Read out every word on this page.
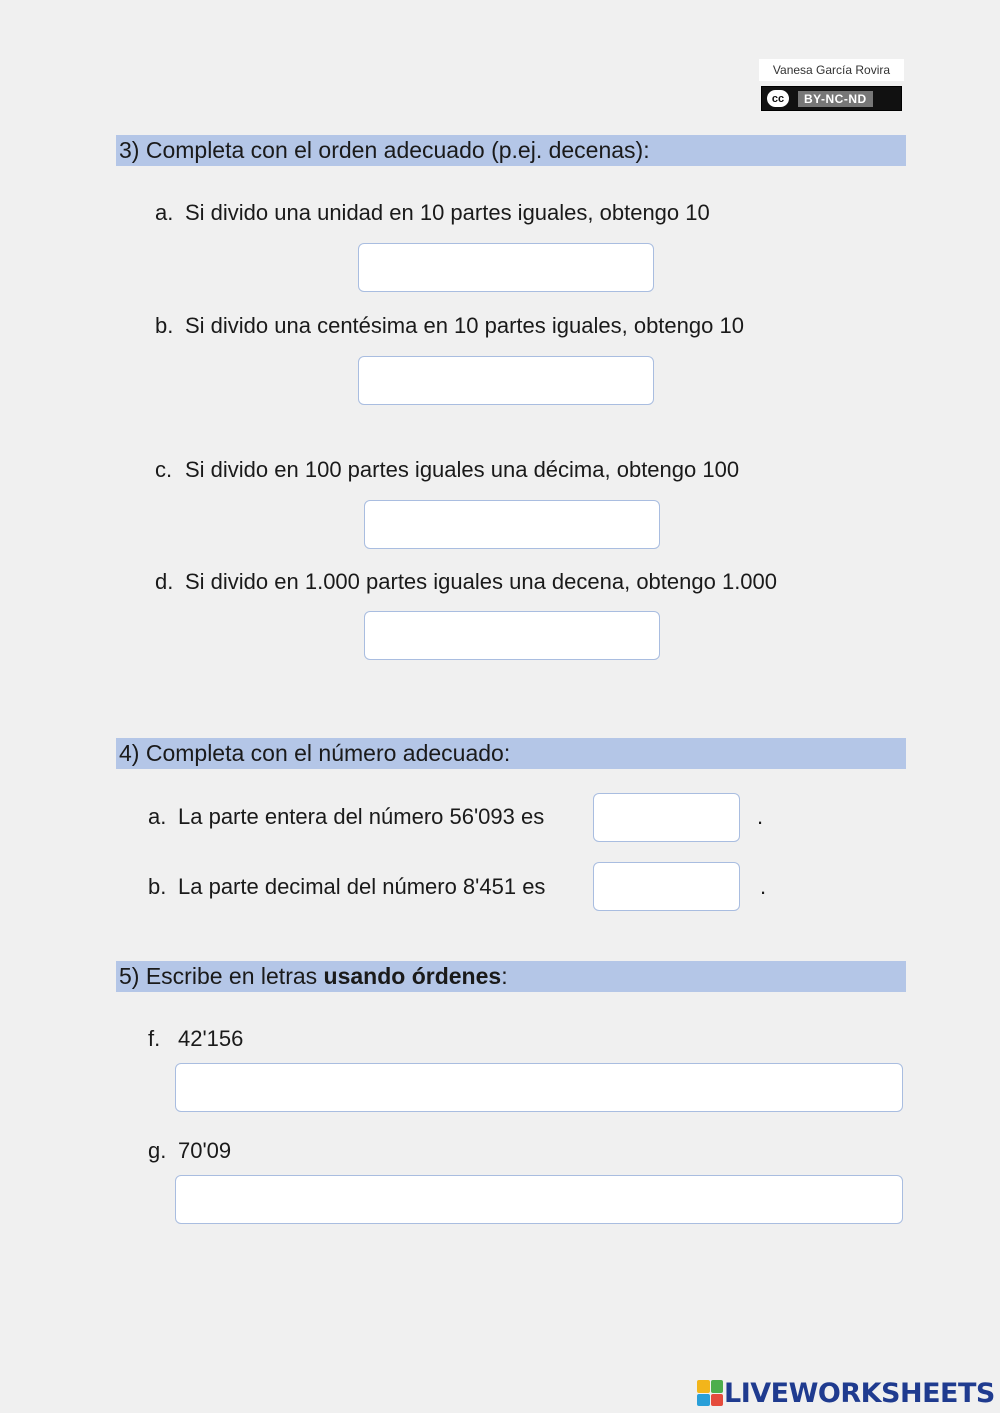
Vanesa García Rovira
cc	BY-NC-ND
3) Completa con el orden adecuado (p.ej. decenas):
a. Si divido una unidad en 10 partes iguales, obtengo 10
b. Si divido una centésima en 10 partes iguales, obtengo 10
c. Si divido en 100 partes iguales una décima, obtengo 100
d. Si divido en 1.000 partes iguales una decena, obtengo 1.000
4) Completa con el número adecuado:
a. La parte entera del número 56'093 es	.
b. La parte decimal del número 8'451 es	.
5) Escribe en letras usando órdenes:
f. 42'156
g. 70'09
LIVEWORKSHEETS
